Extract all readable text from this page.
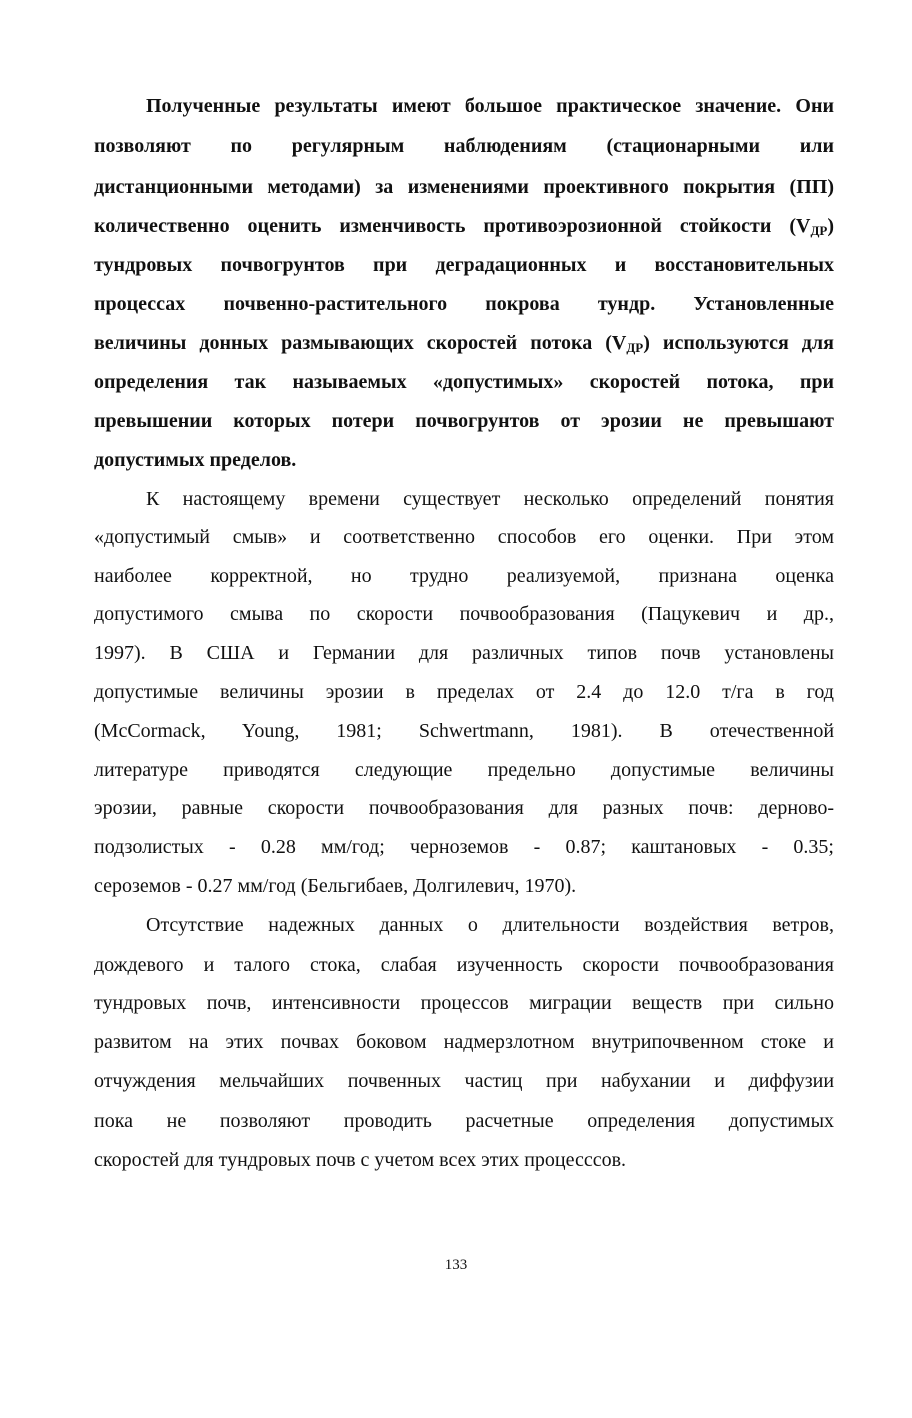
Полученные результаты имеют большое практическое значение. Они
позволяют по регулярным наблюдениям (стационарными или
дистанционными методами) за изменениями проективного покрытия (ПП)
количественно оценить изменчивость противоэрозионной стойкости $(V_{ДР})$
тундровых почвогрунтов при деградационных и восстановительных
процессах почвенно-растительного покрова тундр. Установленные
величины донных размывающих скоростей потока $(V_{ДР})$ используются для
определения так называемых «допустимых» скоростей потока, при
превышении которых потери почвогрунтов от эрозии не превышают
допустимых пределов.
К настоящему времени существует несколько определений понятия
«допустимый смыв» и соответственно способов его оценки. При этом
наиболее корректной, но трудно реализуемой, признана оценка
допустимого смыва по скорости почвообразования (Пацукевич и др.,
1997). В США и Германии для различных типов почв установлены
допустимые величины эрозии в пределах от 2.4 до 12.0 т/га в год
(McCormack, Young, 1981; Schwertmann, 1981). В отечественной
литературе приводятся следующие предельно допустимые величины
эрозии, равные скорости почвообразования для разных почв: дерново-
подзолистых - 0.28 мм/год; черноземов - 0.87; каштановых - 0.35;
сероземов - 0.27 мм/год (Бельгибаев, Долгилевич, 1970).
Отсутствие надежных данных о длительности воздействия ветров,
дождевого и талого стока, слабая изученность скорости почвообразования
тундровых почв, интенсивности процессов миграции веществ при сильно
развитом на этих почвах боковом надмерзлотном внутрипочвенном стоке и
отчуждения мельчайших почвенных частиц при набухании и диффузии
пока не позволяют проводить расчетные определения допустимых
скоростей для тундровых почв с учетом всех этих процесссов.
133
